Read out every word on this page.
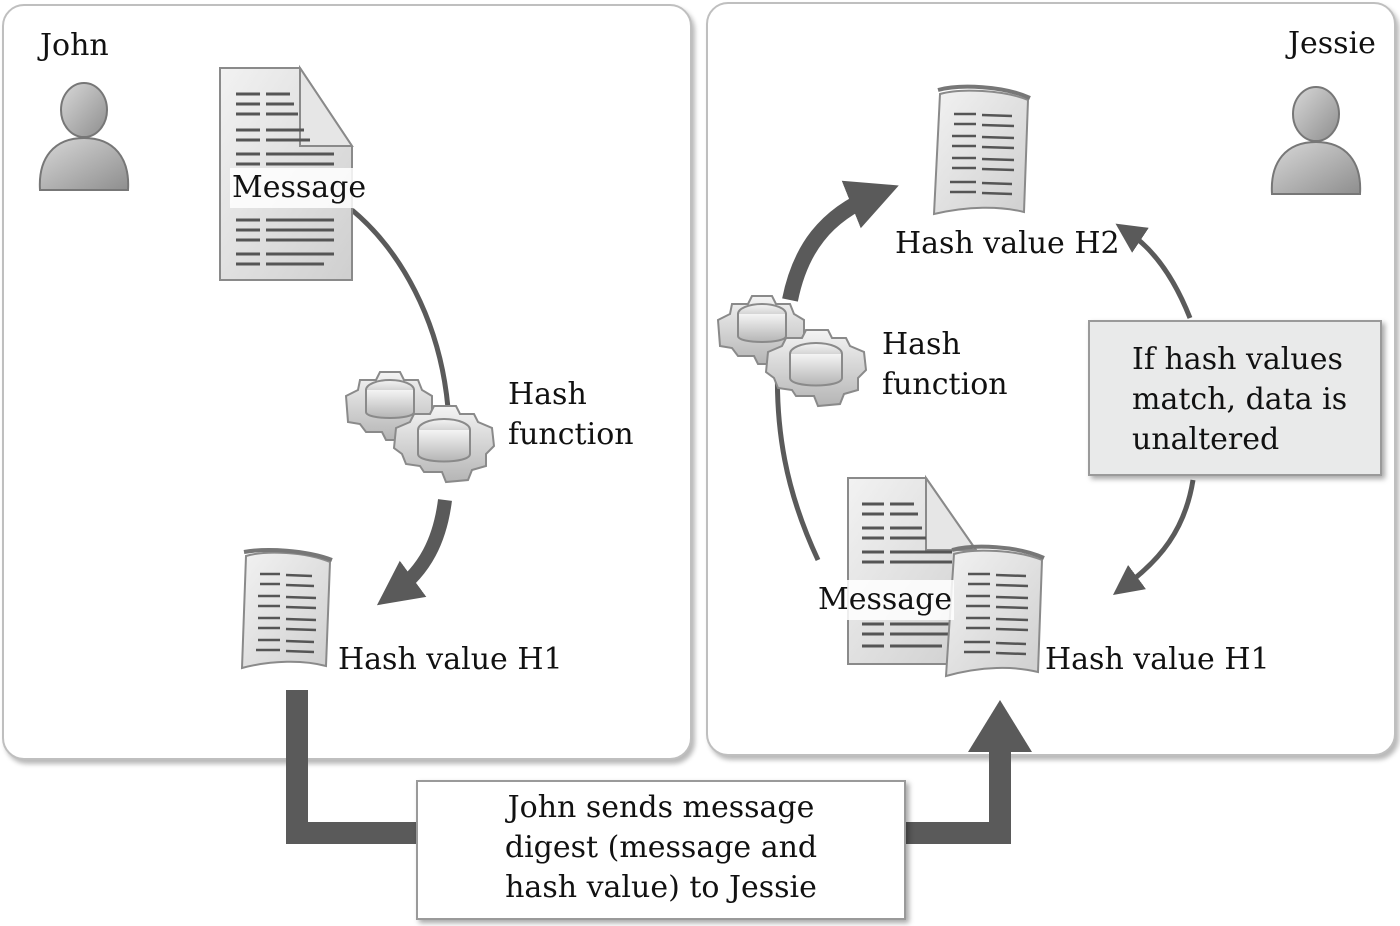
John	Jessie
Message
Hash
function
Hash value H1
Hash value H2
Hash
function
Message
Hash value H1
If hash values
match, data is
unaltered
John sends message
digest (message and
hash value) to Jessie
